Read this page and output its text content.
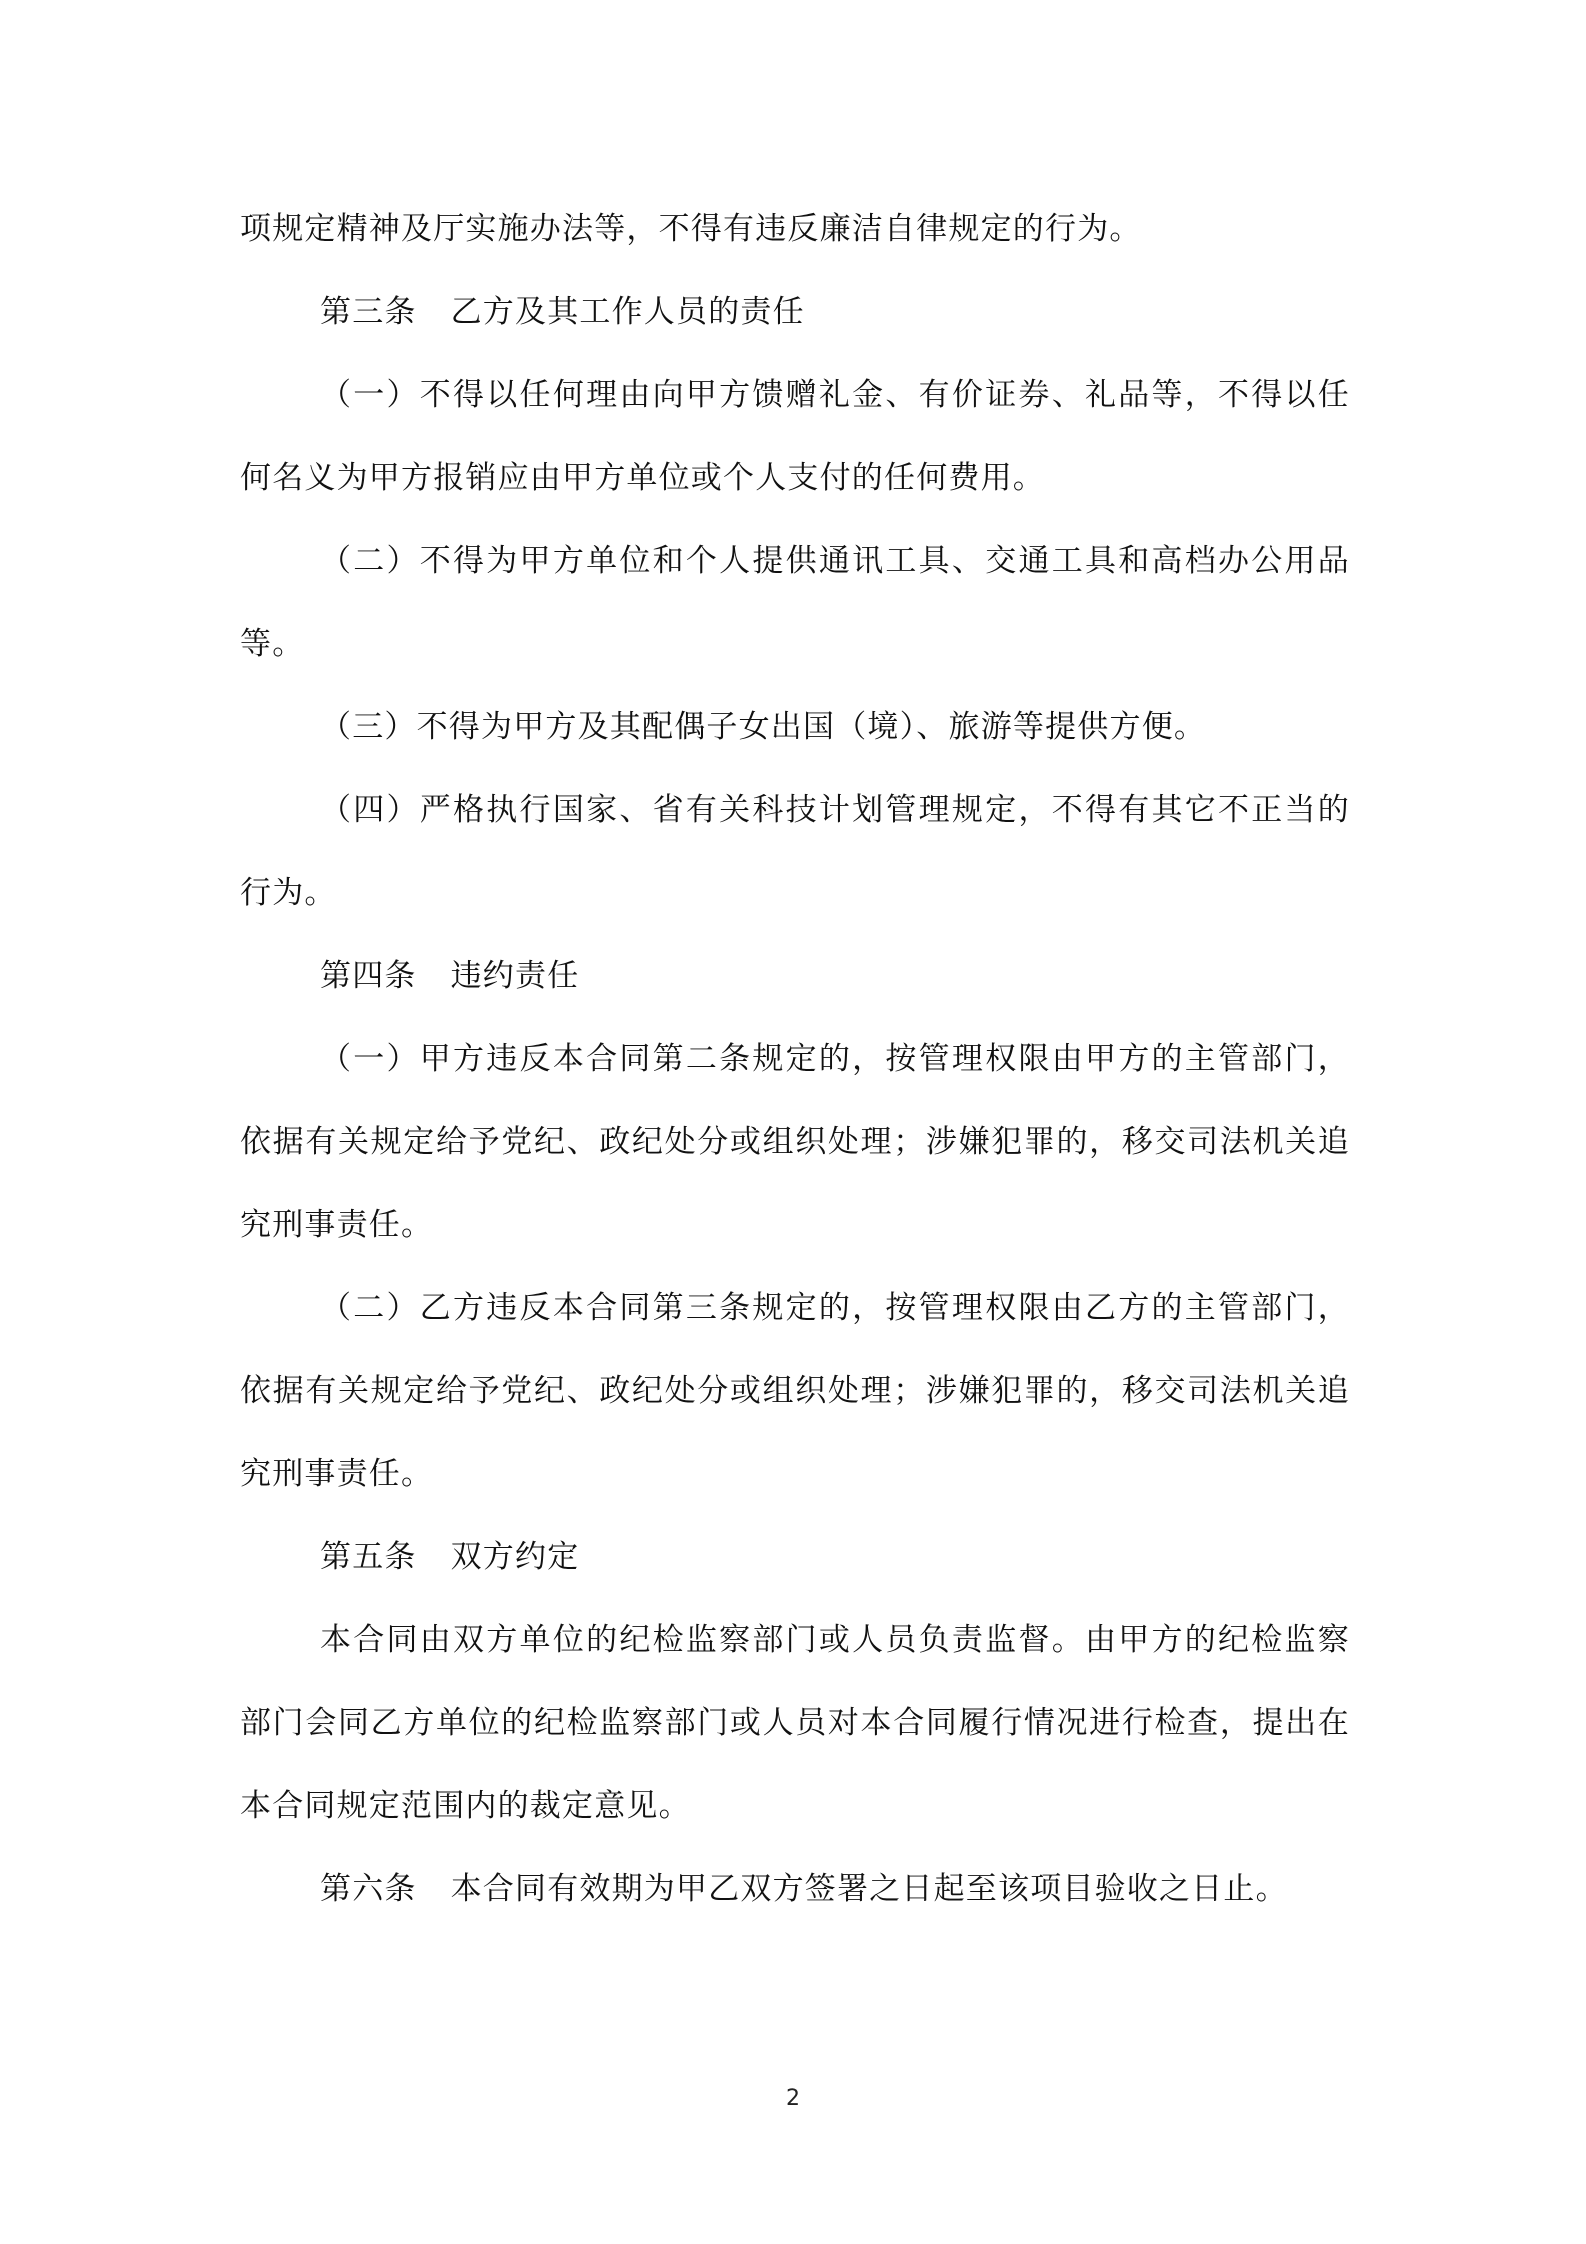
项规定精神及厅实施办法等，不得有违反廉洁自律规定的行为。

第三条 乙方及其工作人员的责任

（一）不得以任何理由向甲方馈赠礼金、有价证券、礼品等，不得以任何名义为甲方报销应由甲方单位或个人支付的任何费用。

（二）不得为甲方单位和个人提供通讯工具、交通工具和高档办公用品等。

（三）不得为甲方及其配偶子女出国（境）、旅游等提供方便。

（四）严格执行国家、省有关科技计划管理规定，不得有其它不正当的行为。

第四条 违约责任

（一）甲方违反本合同第二条规定的，按管理权限由甲方的主管部门，依据有关规定给予党纪、政纪处分或组织处理；涉嫌犯罪的，移交司法机关追究刑事责任。

（二）乙方违反本合同第三条规定的，按管理权限由乙方的主管部门，依据有关规定给予党纪、政纪处分或组织处理；涉嫌犯罪的，移交司法机关追究刑事责任。

第五条 双方约定

本合同由双方单位的纪检监察部门或人员负责监督。由甲方的纪检监察部门会同乙方单位的纪检监察部门或人员对本合同履行情况进行检查，提出在本合同规定范围内的裁定意见。

第六条 本合同有效期为甲乙双方签署之日起至该项目验收之日止。

2
